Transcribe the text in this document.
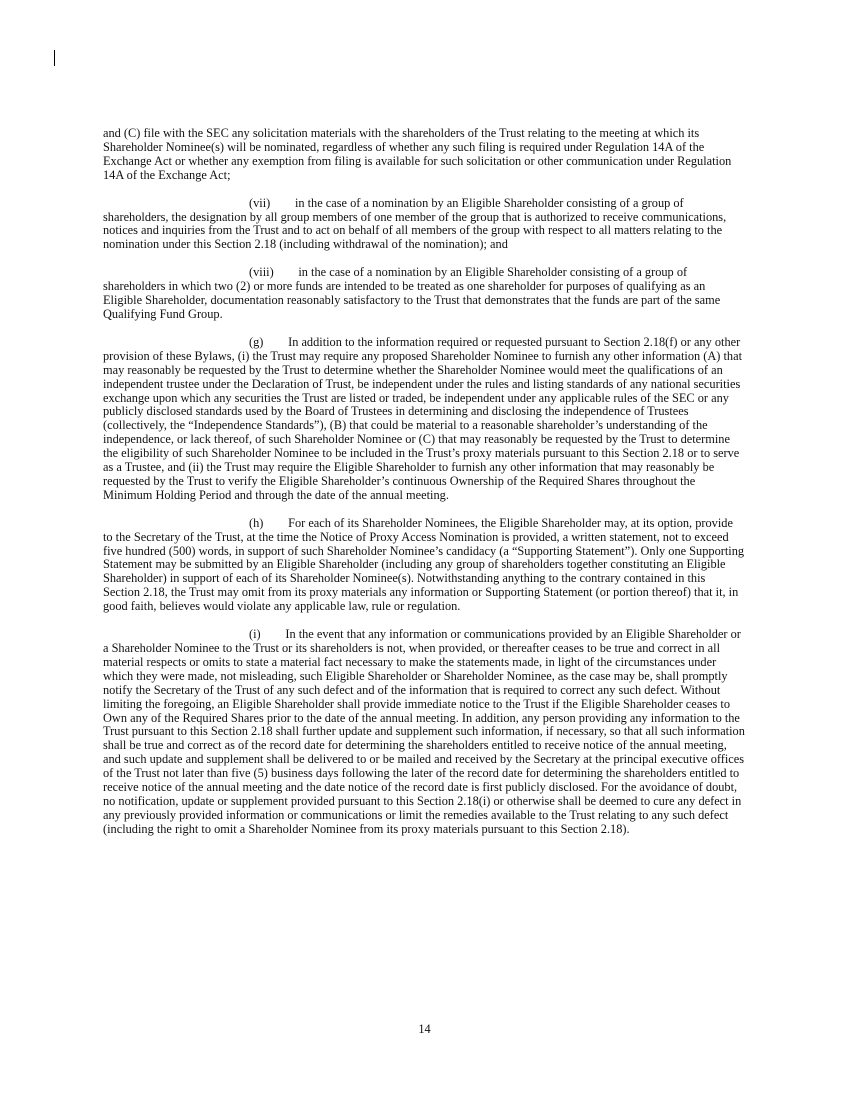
and (C) file with the SEC any solicitation materials with the shareholders of the Trust relating to the meeting at which its Shareholder Nominee(s) will be nominated, regardless of whether any such filing is required under Regulation 14A of the Exchange Act or whether any exemption from filing is available for such solicitation or other communication under Regulation 14A of the Exchange Act;

(vii)  in the case of a nomination by an Eligible Shareholder consisting of a group of shareholders, the designation by all group members of one member of the group that is authorized to receive communications, notices and inquiries from the Trust and to act on behalf of all members of the group with respect to all matters relating to the nomination under this Section 2.18 (including withdrawal of the nomination); and

(viii)  in the case of a nomination by an Eligible Shareholder consisting of a group of shareholders in which two (2) or more funds are intended to be treated as one shareholder for purposes of qualifying as an Eligible Shareholder, documentation reasonably satisfactory to the Trust that demonstrates that the funds are part of the same Qualifying Fund Group.

(g)  In addition to the information required or requested pursuant to Section 2.18(f) or any other provision of these Bylaws, (i) the Trust may require any proposed Shareholder Nominee to furnish any other information (A) that may reasonably be requested by the Trust to determine whether the Shareholder Nominee would meet the qualifications of an independent trustee under the Declaration of Trust, be independent under the rules and listing standards of any national securities exchange upon which any securities the Trust are listed or traded, be independent under any applicable rules of the SEC or any publicly disclosed standards used by the Board of Trustees in determining and disclosing the independence of Trustees (collectively, the “Independence Standards”), (B) that could be material to a reasonable shareholder’s understanding of the independence, or lack thereof, of such Shareholder Nominee or (C) that may reasonably be requested by the Trust to determine the eligibility of such Shareholder Nominee to be included in the Trust’s proxy materials pursuant to this Section 2.18 or to serve as a Trustee, and (ii) the Trust may require the Eligible Shareholder to furnish any other information that may reasonably be requested by the Trust to verify the Eligible Shareholder’s continuous Ownership of the Required Shares throughout the Minimum Holding Period and through the date of the annual meeting.

(h)  For each of its Shareholder Nominees, the Eligible Shareholder may, at its option, provide to the Secretary of the Trust, at the time the Notice of Proxy Access Nomination is provided, a written statement, not to exceed five hundred (500) words, in support of such Shareholder Nominee’s candidacy (a “Supporting Statement”). Only one Supporting Statement may be submitted by an Eligible Shareholder (including any group of shareholders together constituting an Eligible Shareholder) in support of each of its Shareholder Nominee(s). Notwithstanding anything to the contrary contained in this Section 2.18, the Trust may omit from its proxy materials any information or Supporting Statement (or portion thereof) that it, in good faith, believes would violate any applicable law, rule or regulation.

(i)  In the event that any information or communications provided by an Eligible Shareholder or a Shareholder Nominee to the Trust or its shareholders is not, when provided, or thereafter ceases to be true and correct in all material respects or omits to state a material fact necessary to make the statements made, in light of the circumstances under which they were made, not misleading, such Eligible Shareholder or Shareholder Nominee, as the case may be, shall promptly notify the Secretary of the Trust of any such defect and of the information that is required to correct any such defect. Without limiting the foregoing, an Eligible Shareholder shall provide immediate notice to the Trust if the Eligible Shareholder ceases to Own any of the Required Shares prior to the date of the annual meeting. In addition, any person providing any information to the Trust pursuant to this Section 2.18 shall further update and supplement such information, if necessary, so that all such information shall be true and correct as of the record date for determining the shareholders entitled to receive notice of the annual meeting, and such update and supplement shall be delivered to or be mailed and received by the Secretary at the principal executive offices of the Trust not later than five (5) business days following the later of the record date for determining the shareholders entitled to receive notice of the annual meeting and the date notice of the record date is first publicly disclosed. For the avoidance of doubt, no notification, update or supplement provided pursuant to this Section 2.18(i) or otherwise shall be deemed to cure any defect in any previously provided information or communications or limit the remedies available to the Trust relating to any such defect (including the right to omit a Shareholder Nominee from its proxy materials pursuant to this Section 2.18).

14
